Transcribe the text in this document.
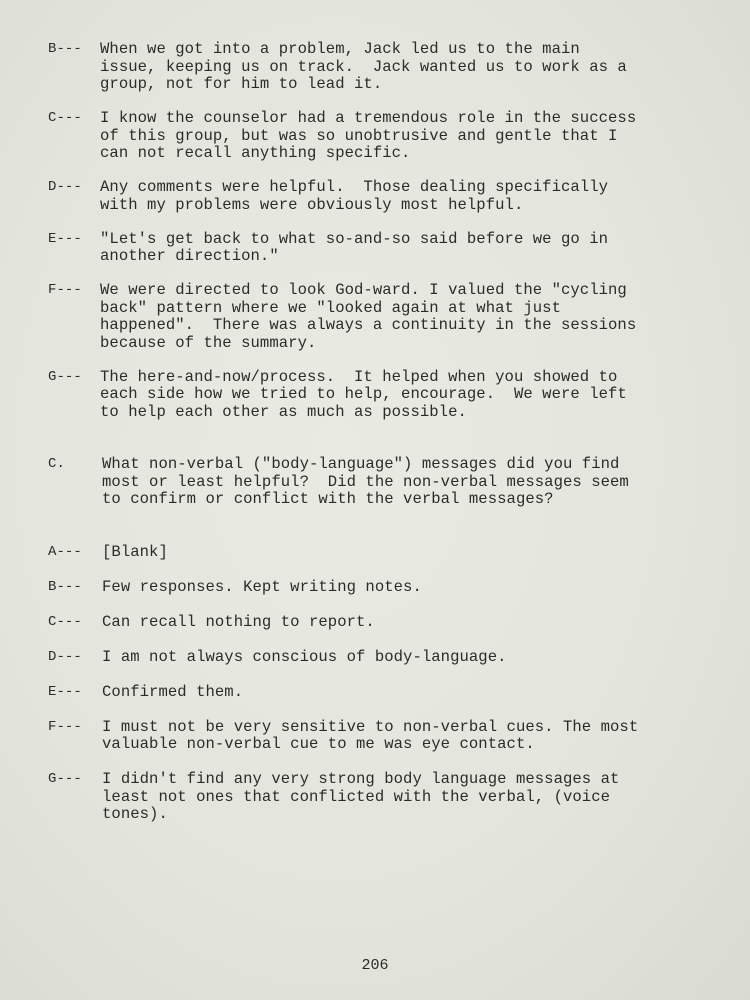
B---	When we got into a problem, Jack led us to the main
issue, keeping us on track.  Jack wanted us to work as a
group, not for him to lead it.
C---	I know the counselor had a tremendous role in the success
of this group, but was so unobtrusive and gentle that I
can not recall anything specific.
D---	Any comments were helpful.  Those dealing specifically
with my problems were obviously most helpful.
E---	"Let's get back to what so-and-so said before we go in
another direction."
F---	We were directed to look God-ward. I valued the "cycling
back" pattern where we "looked again at what just
happened".  There was always a continuity in the sessions
because of the summary.
G---	The here-and-now/process.  It helped when you showed to
each side how we tried to help, encourage.  We were left
to help each other as much as possible.
C.	What non-verbal ("body-language") messages did you find
most or least helpful?  Did the non-verbal messages seem
to confirm or conflict with the verbal messages?
A---	[Blank]
B---	Few responses. Kept writing notes.
C---	Can recall nothing to report.
D---	I am not always conscious of body-language.
E---	Confirmed them.
F---	I must not be very sensitive to non-verbal cues. The most
valuable non-verbal cue to me was eye contact.
G---	I didn't find any very strong body language messages at
least not ones that conflicted with the verbal, (voice
tones).
206
